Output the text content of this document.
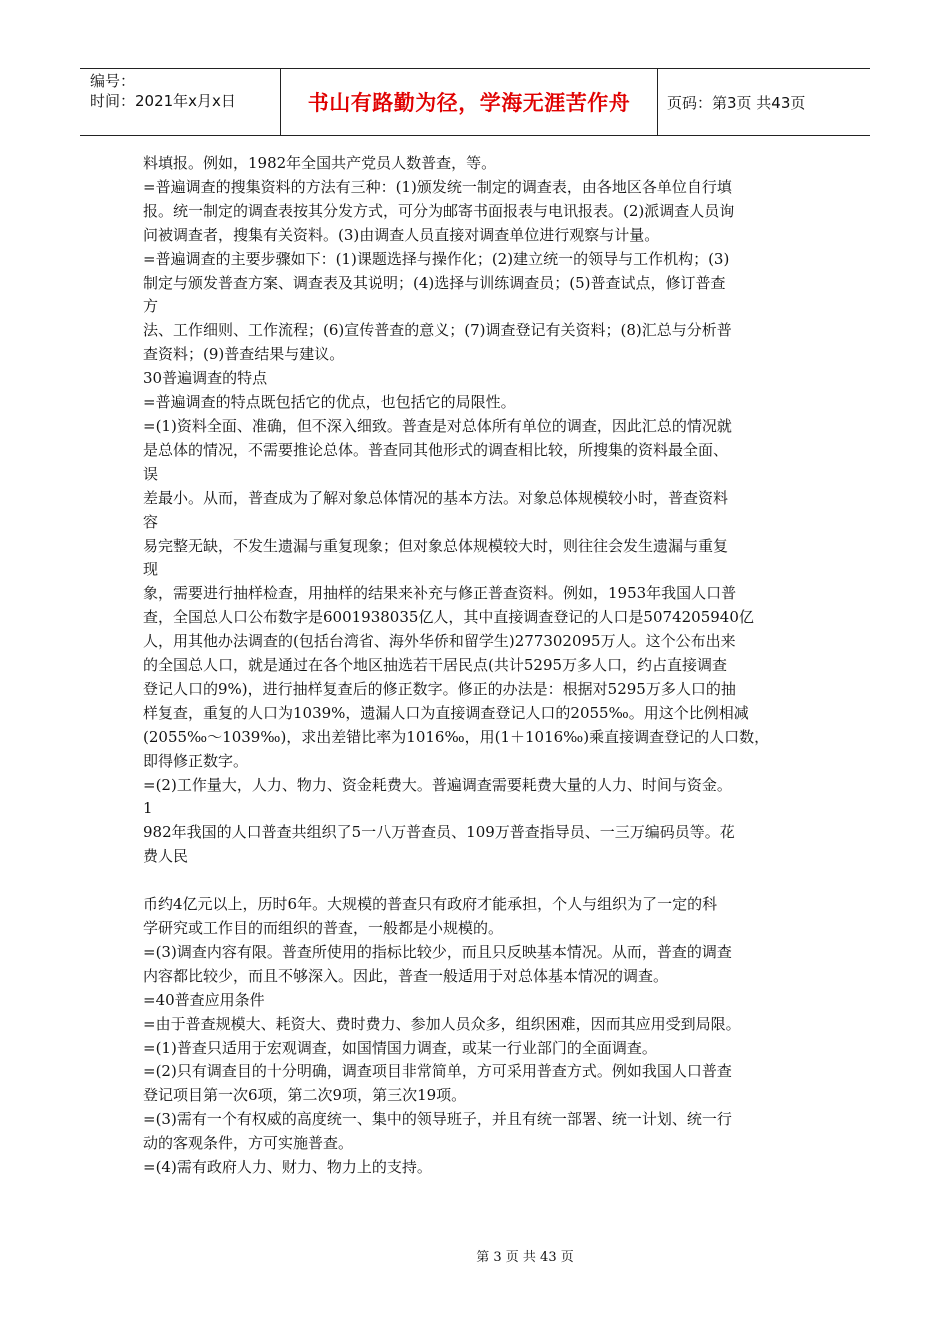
编号：
时间：2021年x月x日	书山有路勤为径，学海无涯苦作舟 页码：第3页 共43页

料填报。例如，1982年全国共产党员人数普查，等。

=普遍调查的搜集资料的方法有三种：(1)颁发统一制定的调查表，由各地区各单位自行填

报。统一制定的调查表按其分发方式，可分为邮寄书面报表与电讯报表。(2)派调查人员询

问被调查者，搜集有关资料。(3)由调查人员直接对调查单位进行观察与计量。

=普遍调查的主要步骤如下：(1)课题选择与操作化；(2)建立统一的领导与工作机构；(3)

制定与颁发普查方案、调查表及其说明；(4)选择与训练调查员；(5)普查试点，修订普查

方

法、工作细则、工作流程；(6)宣传普查的意义；(7)调查登记有关资料；(8)汇总与分析普

查资料；(9)普查结果与建议。

30普遍调查的特点

=普遍调查的特点既包括它的优点，也包括它的局限性。

=(1)资料全面、准确，但不深入细致。普查是对总体所有单位的调查，因此汇总的情况就

是总体的情况，不需要推论总体。普查同其他形式的调查相比较，所搜集的资料最全面、

误

差最小。从而，普查成为了解对象总体情况的基本方法。对象总体规模较小时，普查资料

容

易完整无缺，不发生遗漏与重复现象；但对象总体规模较大时，则往往会发生遗漏与重复

现

象，需要进行抽样检查，用抽样的结果来补充与修正普查资料。例如，1953年我国人口普

查，全国总人口公布数字是6001938035亿人，其中直接调查登记的人口是5074205940亿

人，用其他办法调查的(包括台湾省、海外华侨和留学生)277302095万人。这个公布出来

的全国总人口，就是通过在各个地区抽选若干居民点(共计5295万多人口，约占直接调查

登记人口的9%)，进行抽样复查后的修正数字。修正的办法是：根据对5295万多人口的抽

样复查，重复的人口为1039%，遗漏人口为直接调查登记人口的2055‰。用这个比例相减

(2055‰～1039‰)，求出差错比率为1016‰，用(1＋1016‰)乘直接调查登记的人口数，

即得修正数字。

=(2)工作量大，人力、物力、资金耗费大。普遍调查需要耗费大量的人力、时间与资金。

1

982年我国的人口普查共组织了5一八万普查员、109万普查指导员、一三万编码员等。花

费人民

币约4亿元以上，历时6年。大规模的普查只有政府才能承担，个人与组织为了一定的科

学研究或工作目的而组织的普查，一般都是小规模的。

=(3)调查内容有限。普查所使用的指标比较少，而且只反映基本情况。从而，普查的调查

内容都比较少，而且不够深入。因此，普查一般适用于对总体基本情况的调查。

=40普查应用条件

=由于普查规模大、耗资大、费时费力、参加人员众多，组织困难，因而其应用受到局限。

=(1)普查只适用于宏观调查，如国情国力调查，或某一行业部门的全面调查。

=(2)只有调查目的十分明确，调查项目非常简单，方可采用普查方式。例如我国人口普查

登记项目第一次6项，第二次9项，第三次19项。

=(3)需有一个有权威的高度统一、集中的领导班子，并且有统一部署、统一计划、统一行

动的客观条件，方可实施普查。

=(4)需有政府人力、财力、物力上的支持。

第 3 页 共 43 页
